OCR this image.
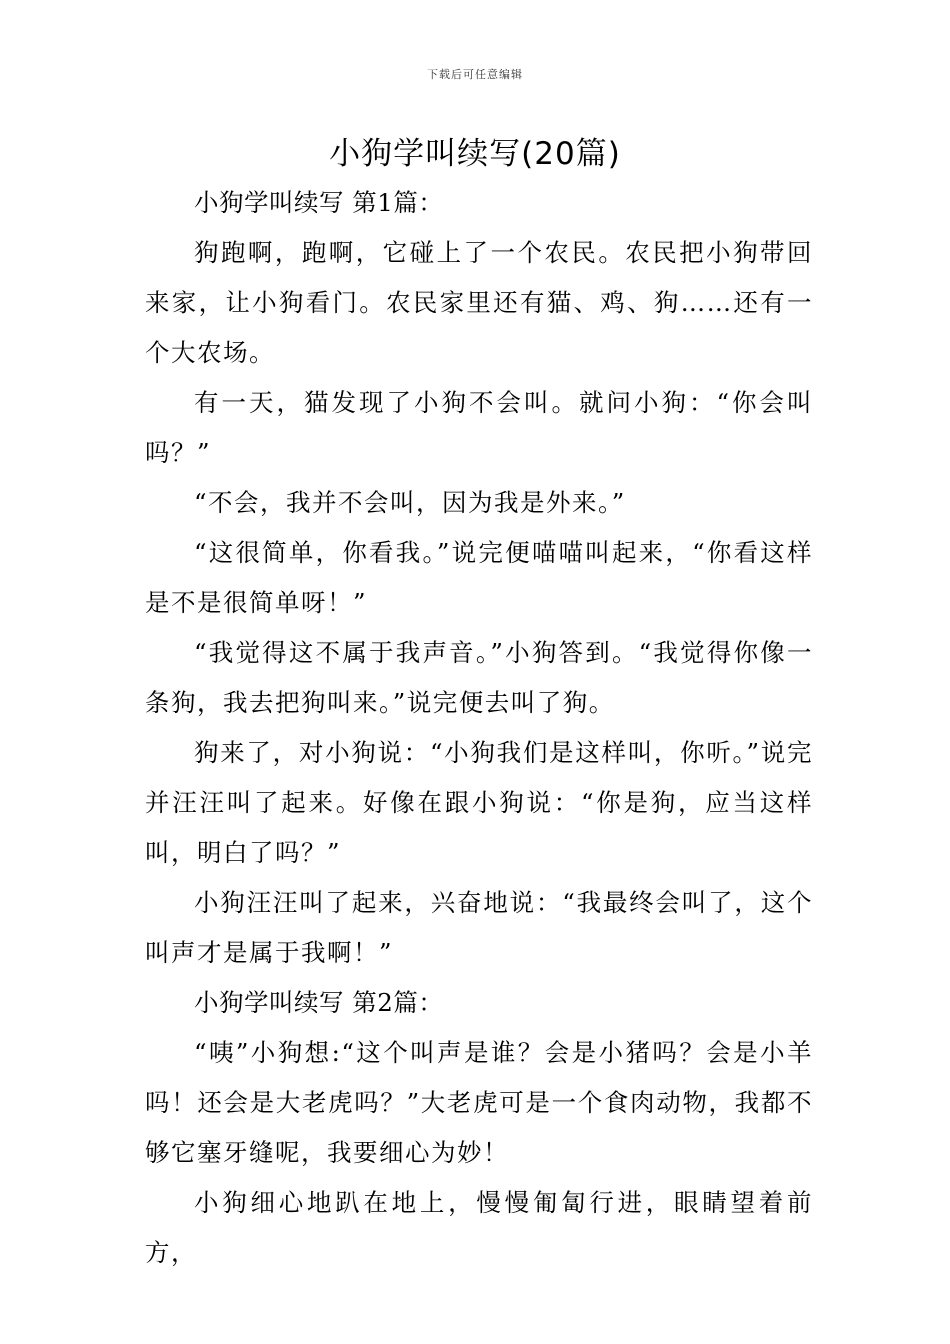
下载后可任意编辑
小狗学叫续写(20篇)

小狗学叫续写 第1篇：

狗跑啊，跑啊，它碰上了一个农民。农民把小狗带回来家，让小狗看门。农民家里还有猫、鸡、狗……还有一个大农场。

有一天，猫发现了小狗不会叫。就问小狗：“你会叫吗？”

“不会，我并不会叫，因为我是外来。”

“这很简单，你看我。”说完便喵喵叫起来，“你看这样是不是很简单呀！”

“我觉得这不属于我声音。”小狗答到。“我觉得你像一条狗，我去把狗叫来。”说完便去叫了狗。

狗来了，对小狗说：“小狗我们是这样叫，你听。”说完并汪汪叫了起来。好像在跟小狗说：“你是狗，应当这样叫，明白了吗？”

小狗汪汪叫了起来，兴奋地说：“我最终会叫了，这个叫声才是属于我啊！”

小狗学叫续写 第2篇：

“咦”小狗想:“这个叫声是谁？会是小猪吗？会是小羊吗！还会是大老虎吗？”大老虎可是一个食肉动物，我都不够它塞牙缝呢，我要细心为妙！

小狗细心地趴在地上，慢慢匍匐行进，眼睛望着前方，
